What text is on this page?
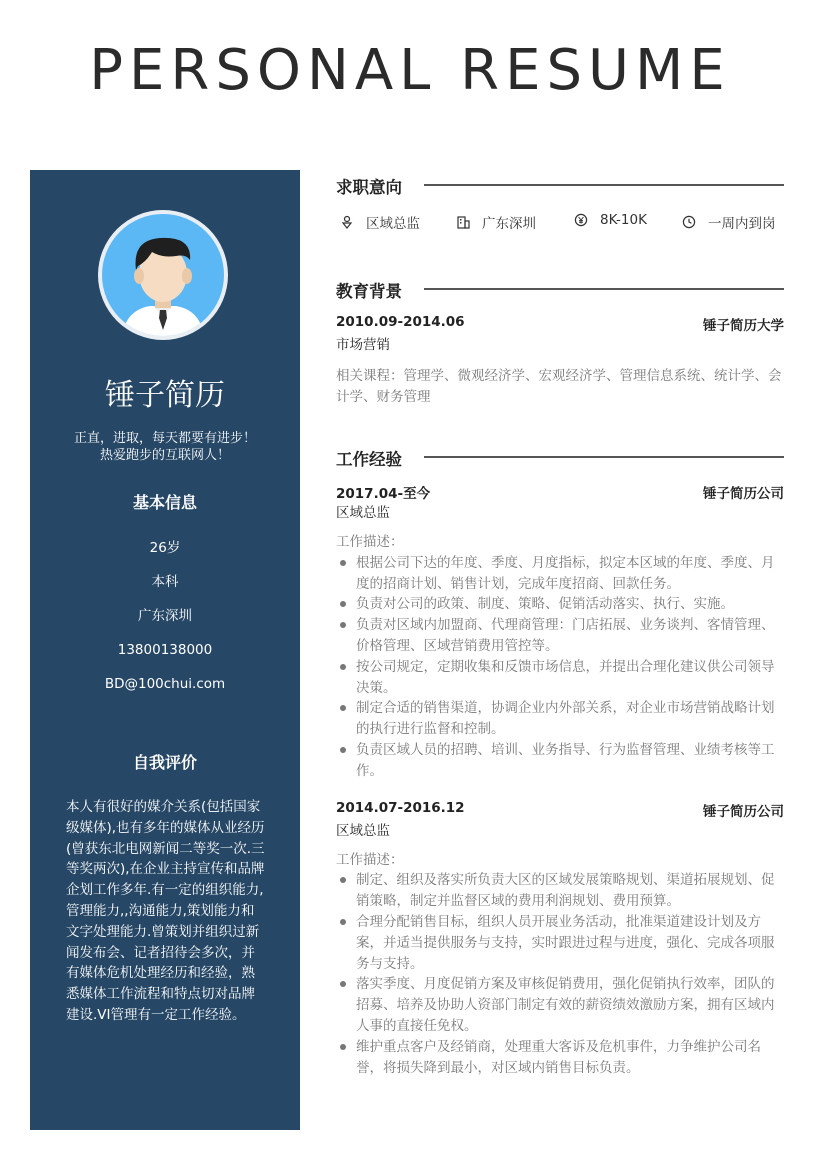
PERSONAL RESUME
锤子简历
正直，进取，每天都要有进步！
热爱跑步的互联网人！
基本信息
26岁
本科
广东深圳
13800138000
BD@100chui.com
自我评价
本人有很好的媒介关系(包括国家级媒体),也有多年的媒体从业经历(曾获东北电网新闻二等奖一次.三等奖两次),在企业主持宣传和品牌企划工作多年.有一定的组织能力,管理能力,,沟通能力,策划能力和文字处理能力.曾策划并组织过新闻发布会、记者招待会多次，并有媒体危机处理经历和经验，熟悉媒体工作流程和特点切对品牌建设.VI管理有一定工作经验。
求职意向
区域总监	广东深圳	8K-10K	一周内到岗
教育背景
2010.09-2014.06	锤子简历大学
市场营销
相关课程：管理学、微观经济学、宏观经济学、管理信息系统、统计学、会计学、财务管理
工作经验
2017.04-至今	锤子简历公司
区域总监
工作描述：
根据公司下达的年度、季度、月度指标，拟定本区域的年度、季度、月度的招商计划、销售计划，完成年度招商、回款任务。
负责对公司的政策、制度、策略、促销活动落实、执行、实施。
负责对区域内加盟商、代理商管理：门店拓展、业务谈判、客情管理、价格管理、区域营销费用管控等。
按公司规定，定期收集和反馈市场信息，并提出合理化建议供公司领导决策。
制定合适的销售渠道，协调企业内外部关系，对企业市场营销战略计划的执行进行监督和控制。
负责区域人员的招聘、培训、业务指导、行为监督管理、业绩考核等工作。
2014.07-2016.12	锤子简历公司
区域总监
工作描述：
制定、组织及落实所负责大区的区域发展策略规划、渠道拓展规划、促销策略，制定并监督区域的费用利润规划、费用预算。
合理分配销售目标，组织人员开展业务活动，批准渠道建设计划及方案，并适当提供服务与支持，实时跟进过程与进度，强化、完成各项服务与支持。
落实季度、月度促销方案及审核促销费用，强化促销执行效率，团队的招募、培养及协助人资部门制定有效的薪资绩效激励方案，拥有区域内人事的直接任免权。
维护重点客户及经销商，处理重大客诉及危机事件，力争维护公司名誉，将损失降到最小，对区域内销售目标负责。
